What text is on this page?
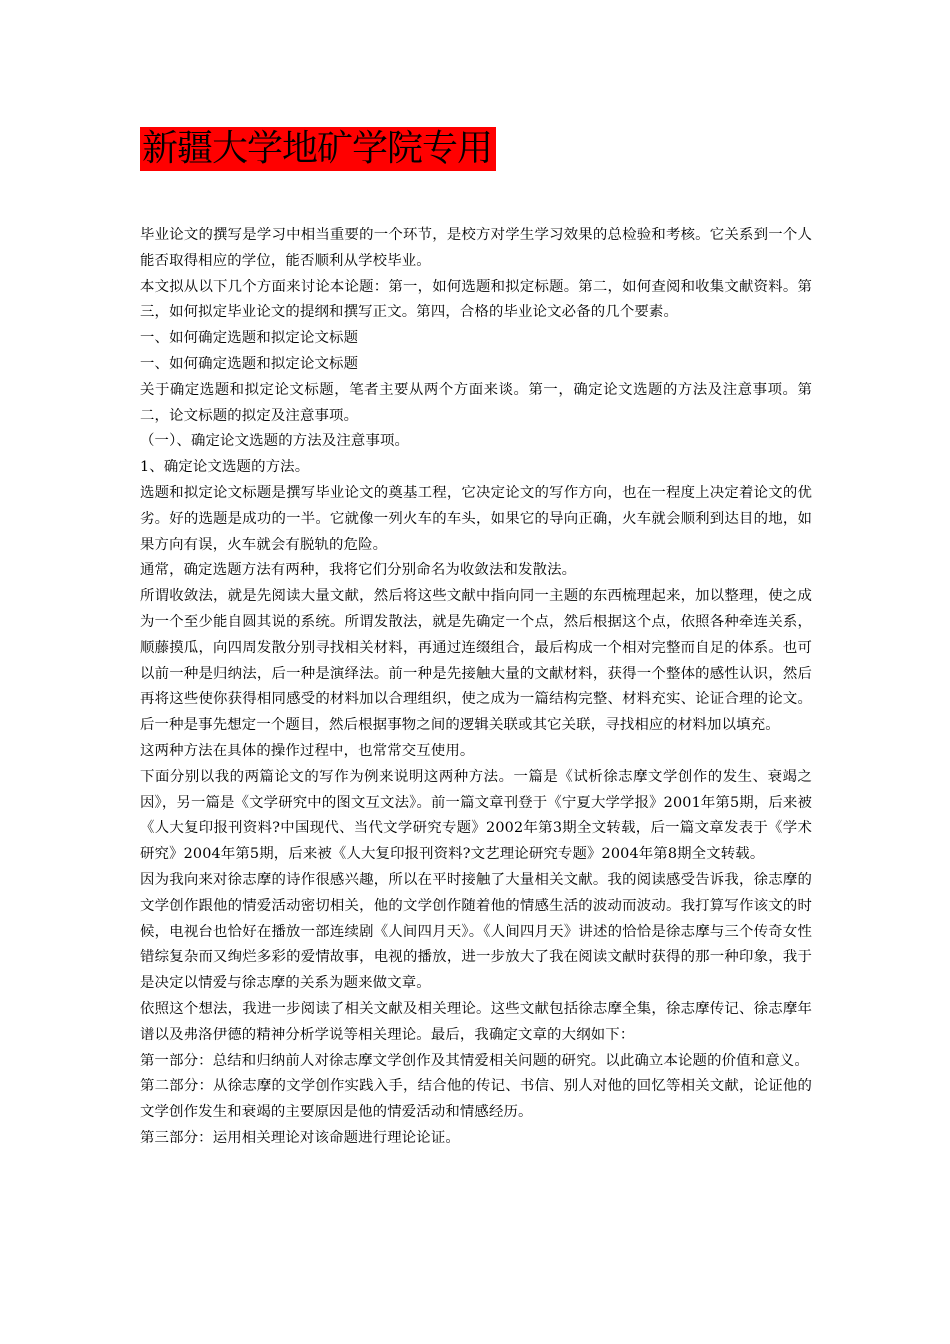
新疆大学地矿学院专用

毕业论文的撰写是学习中相当重要的一个环节，是校方对学生学习效果的总检验和考核。它关系到一个人能否取得相应的学位，能否顺利从学校毕业。

本文拟从以下几个方面来讨论本论题：第一，如何选题和拟定标题。第二，如何查阅和收集文献资料。第三，如何拟定毕业论文的提纲和撰写正文。第四，合格的毕业论文必备的几个要素。

一、如何确定选题和拟定论文标题

一、如何确定选题和拟定论文标题

关于确定选题和拟定论文标题，笔者主要从两个方面来谈。第一，确定论文选题的方法及注意事项。第二，论文标题的拟定及注意事项。

（一）、确定论文选题的方法及注意事项。

1、确定论文选题的方法。

选题和拟定论文标题是撰写毕业论文的奠基工程，它决定论文的写作方向，也在一程度上决定着论文的优劣。好的选题是成功的一半。它就像一列火车的车头，如果它的导向正确，火车就会顺利到达目的地，如果方向有误，火车就会有脱轨的危险。

通常，确定选题方法有两种，我将它们分别命名为收敛法和发散法。

所谓收敛法，就是先阅读大量文献，然后将这些文献中指向同一主题的东西梳理起来，加以整理，使之成为一个至少能自圆其说的系统。所谓发散法，就是先确定一个点，然后根据这个点，依照各种牵连关系，顺藤摸瓜，向四周发散分别寻找相关材料，再通过连缀组合，最后构成一个相对完整而自足的体系。也可以前一种是归纳法，后一种是演绎法。前一种是先接触大量的文献材料，获得一个整体的感性认识，然后再将这些使你获得相同感受的材料加以合理组织，使之成为一篇结构完整、材料充实、论证合理的论文。后一种是事先想定一个题目，然后根据事物之间的逻辑关联或其它关联，寻找相应的材料加以填充。

这两种方法在具体的操作过程中，也常常交互使用。

下面分别以我的两篇论文的写作为例来说明这两种方法。一篇是《试析徐志摩文学创作的发生、衰竭之因》，另一篇是《文学研究中的图文互文法》。前一篇文章刊登于《宁夏大学学报》2001年第5期，后来被《人大复印报刊资料?中国现代、当代文学研究专题》2002年第3期全文转载，后一篇文章发表于《学术研究》2004年第5期，后来被《人大复印报刊资料?文艺理论研究专题》2004年第8期全文转载。

因为我向来对徐志摩的诗作很感兴趣，所以在平时接触了大量相关文献。我的阅读感受告诉我，徐志摩的文学创作跟他的情爱活动密切相关，他的文学创作随着他的情感生活的波动而波动。我打算写作该文的时候，电视台也恰好在播放一部连续剧《人间四月天》。《人间四月天》讲述的恰恰是徐志摩与三个传奇女性错综复杂而又绚烂多彩的爱情故事，电视的播放，进一步放大了我在阅读文献时获得的那一种印象，我于是决定以情爱与徐志摩的关系为题来做文章。

依照这个想法，我进一步阅读了相关文献及相关理论。这些文献包括徐志摩全集，徐志摩传记、徐志摩年谱以及弗洛伊德的精神分析学说等相关理论。最后，我确定文章的大纲如下：

第一部分：总结和归纳前人对徐志摩文学创作及其情爱相关问题的研究。以此确立本论题的价值和意义。

第二部分：从徐志摩的文学创作实践入手，结合他的传记、书信、别人对他的回忆等相关文献，论证他的文学创作发生和衰竭的主要原因是他的情爱活动和情感经历。

第三部分：运用相关理论对该命题进行理论论证。
